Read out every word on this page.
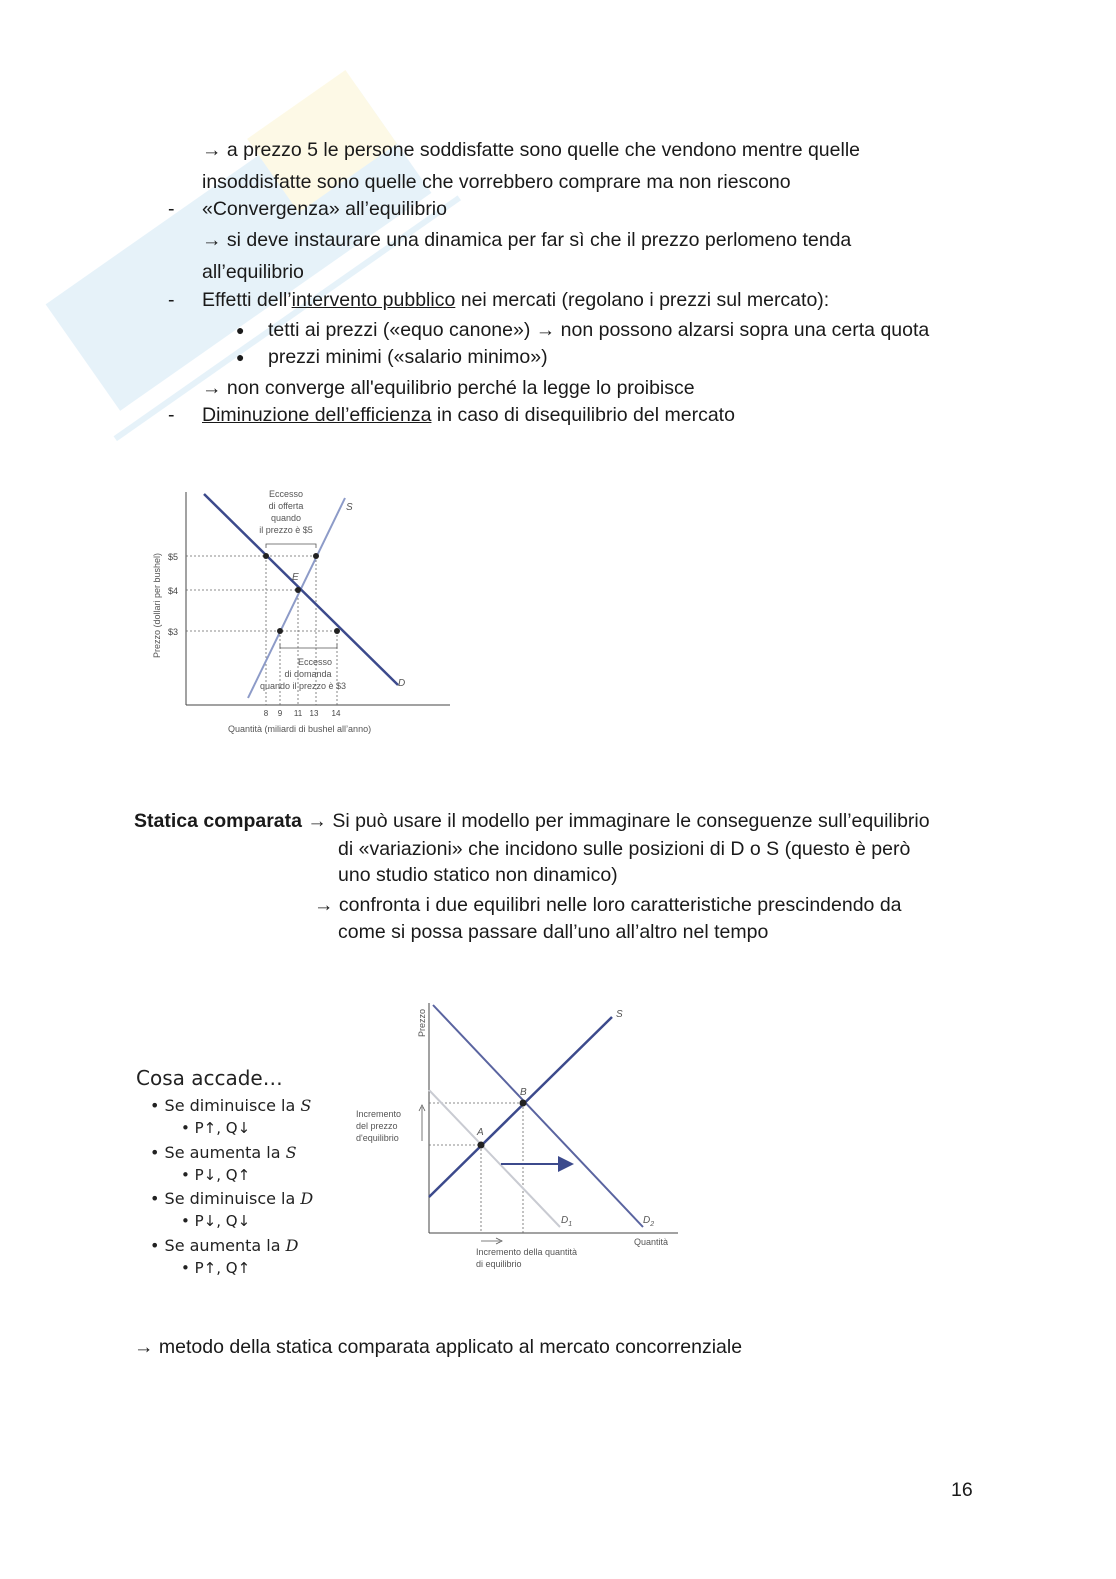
→ a prezzo 5 le persone soddisfatte sono quelle che vendono mentre quelle
insoddisfatte sono quelle che vorrebbero comprare ma non riescono
- «Convergenza» all’equilibrio
→ si deve instaurare una dinamica per far sì che il prezzo perlomeno tenda
all’equilibrio
- Effetti dell’intervento pubblico nei mercati (regolano i prezzi sul mercato):
● tetti ai prezzi («equo canone») → non possono alzarsi sopra una certa quota
● prezzi minimi («salario minimo»)
→ non converge all'equilibrio perché la legge lo proibisce
- Diminuzione dell’efficienza in caso di disequilibrio del mercato
Prezzo (dollari per bushel)
Quantità (miliardi di bushel all’anno)
$5
$4
$3
Eccesso
di offerta
quando
il prezzo è $5
Eccesso
di domanda
quando il prezzo è $3
S
D
E
8 9 11 13 14
Statica comparata → Si può usare il modello per immaginare le conseguenze sull’equilibrio
di «variazioni» che incidono sulle posizioni di D o S (questo è però
uno studio statico non dinamico)
→ confronta i due equilibri nelle loro caratteristiche prescindendo da
come si possa passare dall’uno all’altro nel tempo
Cosa accade…
• Se diminuisce la S
• P↑, Q↓
• Se aumenta la S
• P↓, Q↑
• Se diminuisce la D
• P↓, Q↓
• Se aumenta la D
• P↑, Q↑
Prezzo
Quantità
Incremento
del prezzo
d'equilibrio
Incremento della quantità
di equilibrio
S
A
B
$D_1$	$D_2$
→ metodo della statica comparata applicato al mercato concorrenziale
16
